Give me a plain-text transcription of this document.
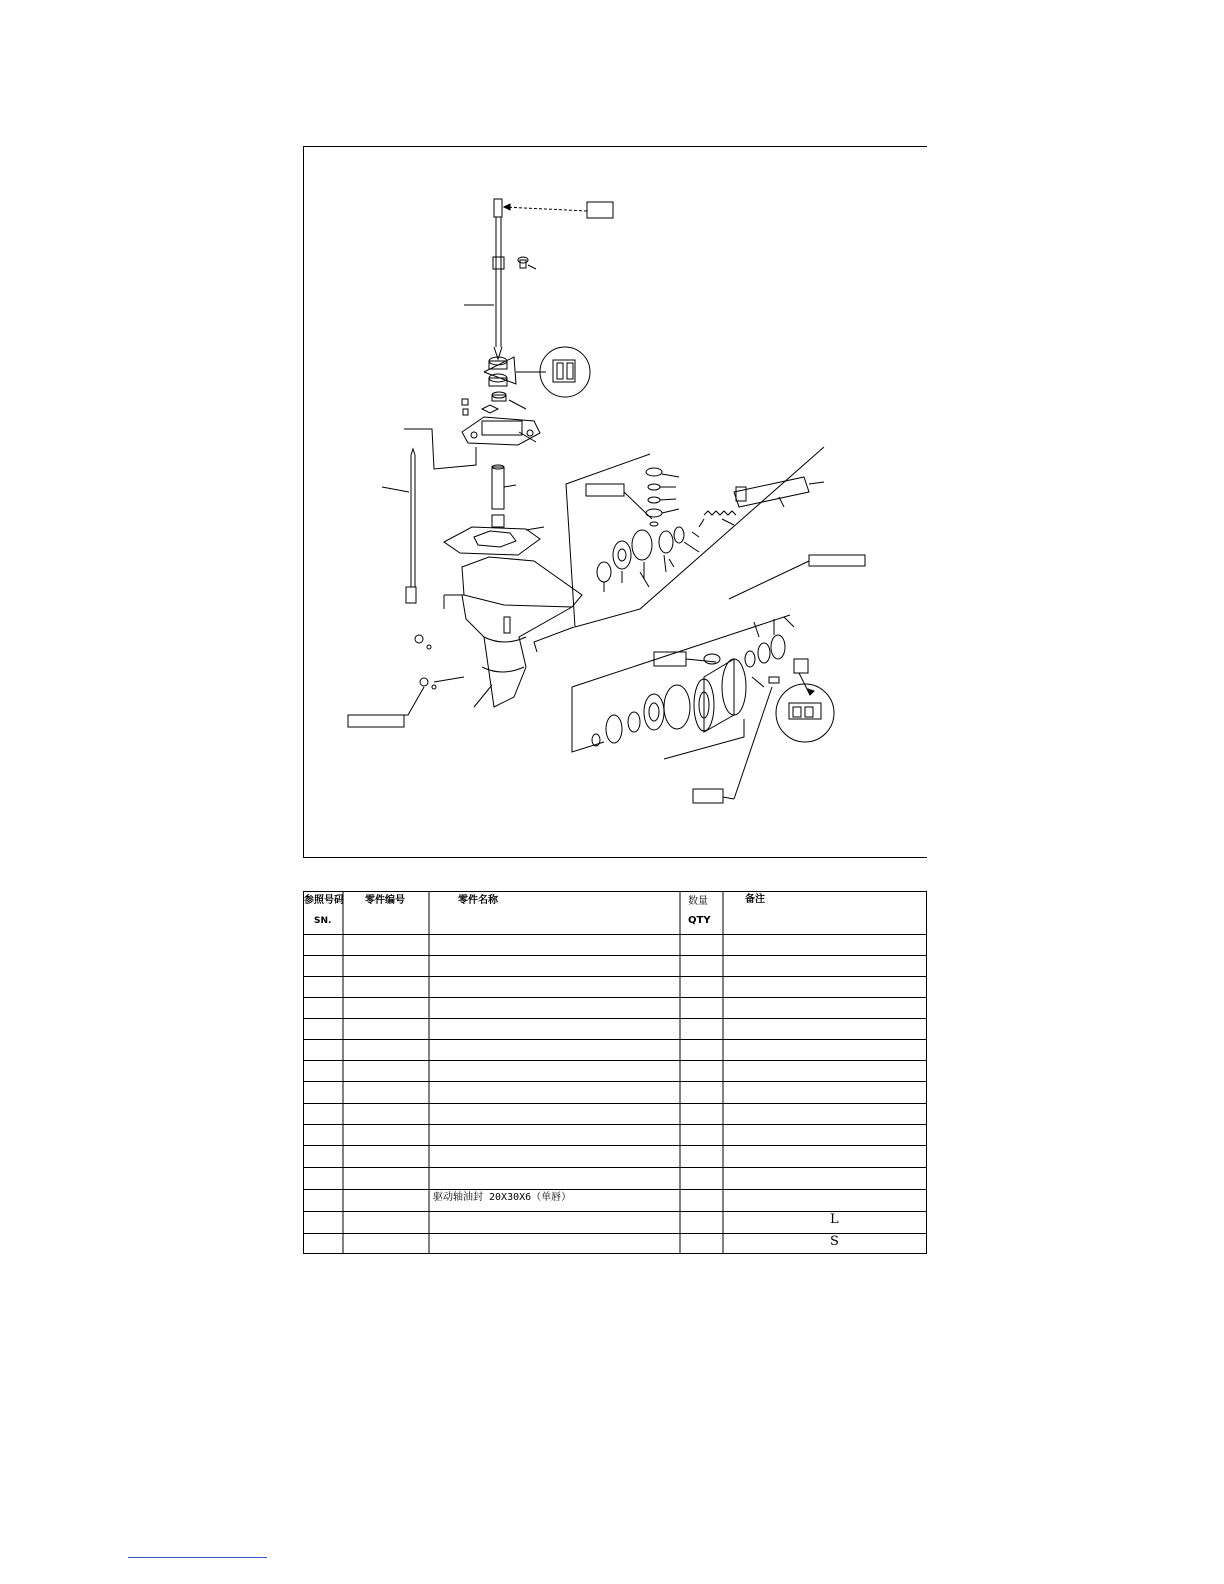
参照号码
SN.
零件编号	零件名称	数量
QTY
备注
驱动轴油封 20X30X6（单唇）
L
S
